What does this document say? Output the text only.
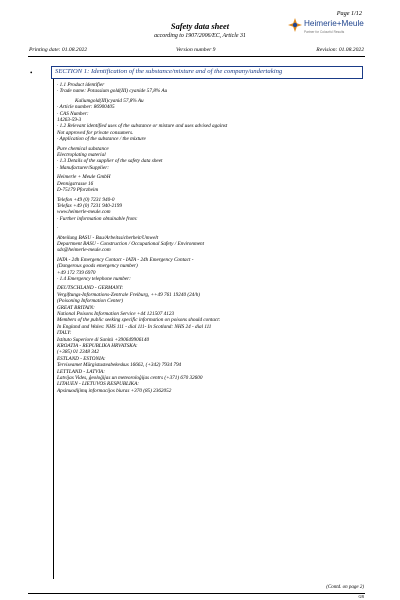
Page 1/12
Safety data sheet
according to 1907/2006/EC, Article 31
Heimerie+Meule
Partner for Colourful Results
Printing date: 01.08.2022	Version number 9	Revision: 01.08.2022
•	SECTION 1: Identification of the substance/mixture and of the company/undertaking
· 1.1 Product identifier
· Trade name: Potassium gold(III) cyanide 57,8% Au
Kaliumgold(III)cyanid 57,8% Au
· Article number: 86900405
· CAS Number:
14263-59-3
· 1.2 Relevant identified uses of the substance or mixture and uses advised against
Not approved for private consumers.
· Application of the substance / the mixture
Pure chemical substance
Electroplating material
· 1.3 Details of the supplier of the safety data sheet
· Manufacturer/Supplier:
Heimerle + Meule GmbH
Dennigstrasse 16
D-75179 Pforzheim
Telefon +49 (0) 7231 940-0
Telefax +49 (0) 7231 940-2199
www.heimerle-meule.com
· Further information obtainable from:
·
Abteilung BASU - Bau/Arbeitssicherheit/Umwelt
Department BASU - Construction / Occupational Safety / Environment
sds@heimerle-meule.com
IATA - 24h Emergency Contact - IATA - 24h Emergency Contact -
(Dangerous goods emergency number)
+49 172 739 6970
· 1.4 Emergency telephone number:
DEUTSCHLAND - GERMANY:
Vergiftungs-Informations-Zentrale Freiburg, ++49 761 19240 (24/h)
(Poisoning Information Center)
GREAT BRITAIN:
National Poisons Information Service +44 121507 4123
Members of the public seeking specific information on poisons should contact:
In England and Wales: NHS 111 - dial 111- In Scotland: NHS 24 - dial 111
ITALY:
Istituto Superiore di Sanità +390649906140
KROATIA - REPUBLIKA HRVATSKA:
(+385) 01 2348 342
ESTLAND - ESTONIA:
Terviseamet Mürgistusteabekeskus 16662, (+342) 7934 794
LETTLAND - LATVIA:
Latvijas Vides, ģeoloģijas un meteoroloģijas centrs (+371) 670 32600
LITAUEN - LIETUVOS RESPUBLIKA:
Apsinuodijimų informacijos biuras +370 (85) 2362052
(Contd. on page 2)
GB
